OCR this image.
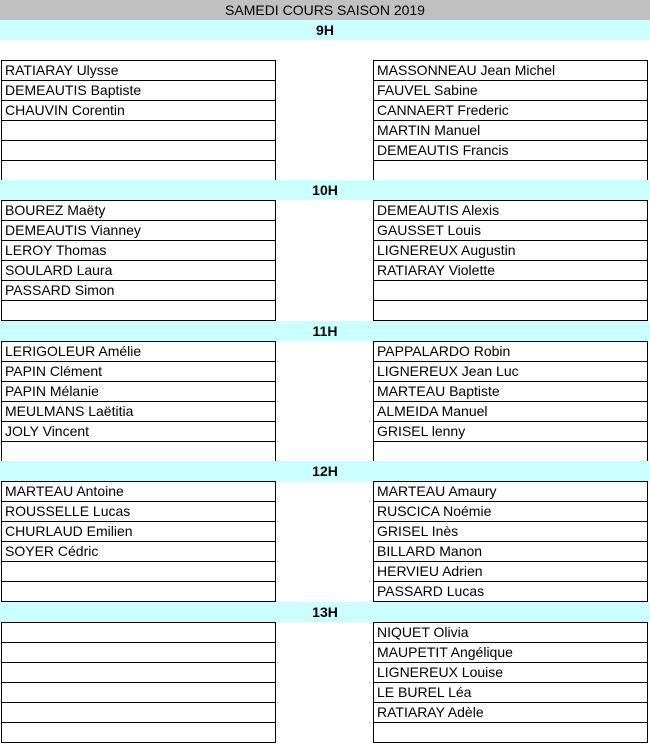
SAMEDI COURS SAISON 2019
9H
RATIARAY Ulysse
DEMEAUTIS Baptiste
CHAUVIN Corentin
MASSONNEAU Jean Michel
FAUVEL Sabine
CANNAERT Frederic
MARTIN Manuel
DEMEAUTIS Francis
10H
BOUREZ Maëty
DEMEAUTIS Vianney
LEROY Thomas
SOULARD Laura
PASSARD Simon
DEMEAUTIS Alexis
GAUSSET Louis
LIGNEREUX Augustin
RATIARAY Violette
11H
LERIGOLEUR Amélie
PAPIN Clément
PAPIN Mélanie
MEULMANS Laëtitia
JOLY Vincent
PAPPALARDO Robin
LIGNEREUX Jean Luc
MARTEAU Baptiste
ALMEIDA Manuel
GRISEL lenny
12H
MARTEAU Antoine
ROUSSELLE Lucas
CHURLAUD Emilien
SOYER Cédric
MARTEAU Amaury
RUSCICA Noémie
GRISEL Inès
BILLARD Manon
HERVIEU Adrien
PASSARD Lucas
13H
NIQUET Olivia
MAUPETIT Angélique
LIGNEREUX Louise
LE BUREL Léa
RATIARAY Adèle
